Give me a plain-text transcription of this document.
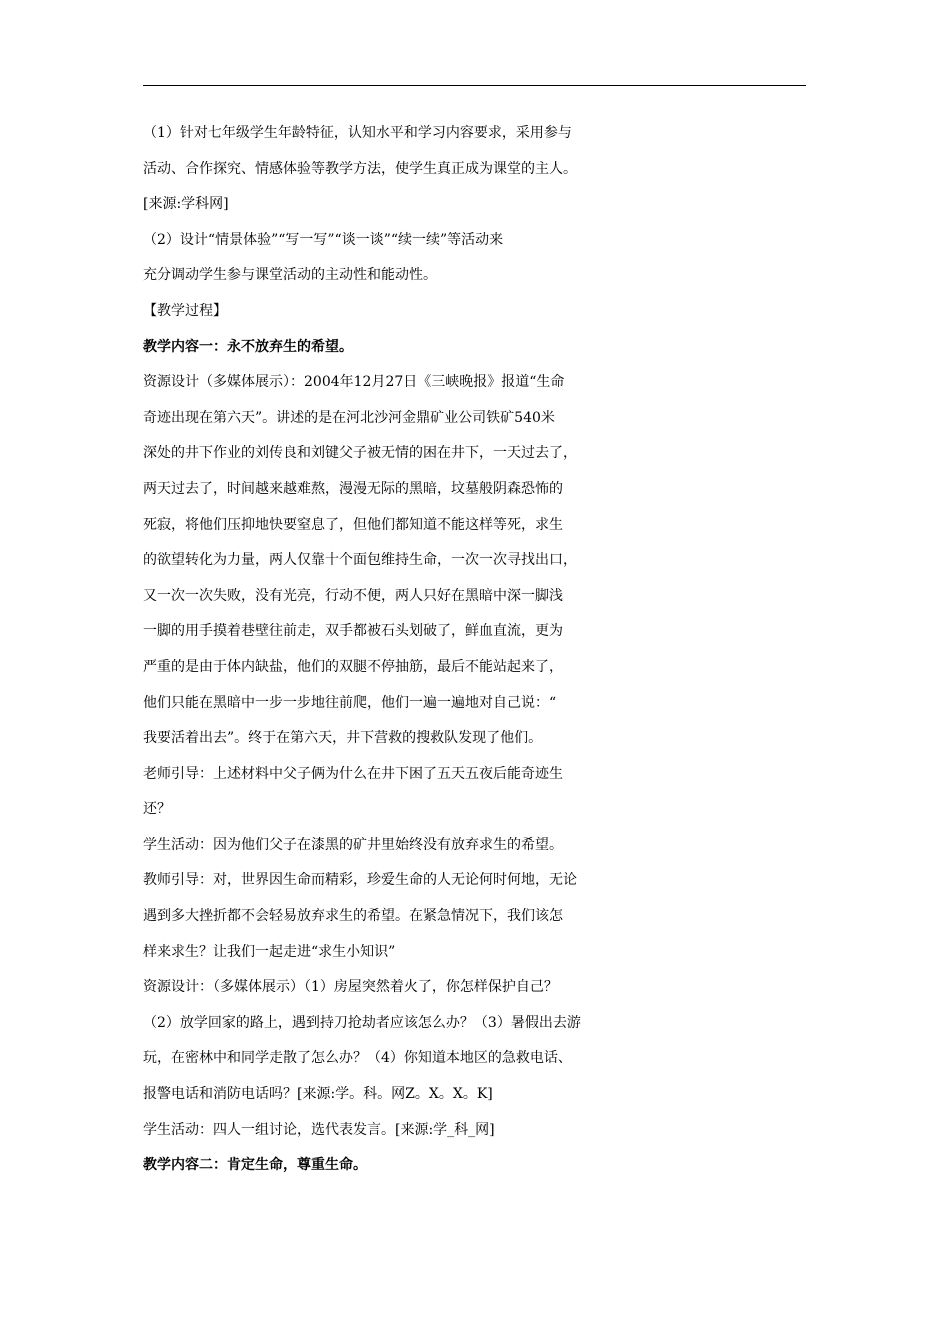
（1）针对七年级学生年龄特征，认知水平和学习内容要求，采用参与
活动、合作探究、情感体验等教学方法，使学生真正成为课堂的主人。
[来源:学科网]
（2）设计“情景体验”“写一写”“谈一谈”“续一续”等活动来
充分调动学生参与课堂活动的主动性和能动性。
【教学过程】
教学内容一：永不放弃生的希望。
资源设计（多媒体展示）：2004年12月27日《三峡晚报》报道“生命
奇迹出现在第六天”。讲述的是在河北沙河金鼎矿业公司铁矿540米
深处的井下作业的刘传良和刘键父子被无情的困在井下，一天过去了，
两天过去了，时间越来越难熬，漫漫无际的黑暗，坟墓般阴森恐怖的
死寂，将他们压抑地快要窒息了，但他们都知道不能这样等死，求生
的欲望转化为力量，两人仅靠十个面包维持生命，一次一次寻找出口，
又一次一次失败，没有光亮，行动不便，两人只好在黑暗中深一脚浅
一脚的用手摸着巷壁往前走，双手都被石头划破了，鲜血直流，更为
严重的是由于体内缺盐，他们的双腿不停抽筋，最后不能站起来了，
他们只能在黑暗中一步一步地往前爬，他们一遍一遍地对自己说：“
我要活着出去”。终于在第六天，井下营救的搜救队发现了他们。
老师引导：上述材料中父子俩为什么在井下困了五天五夜后能奇迹生
还？
学生活动：因为他们父子在漆黑的矿井里始终没有放弃求生的希望。
教师引导：对，世界因生命而精彩，珍爱生命的人无论何时何地，无论
遇到多大挫折都不会轻易放弃求生的希望。在紧急情况下，我们该怎
样来求生？让我们一起走进“求生小知识”
资源设计：（多媒体展示）（1）房屋突然着火了，你怎样保护自己？
（2）放学回家的路上，遇到持刀抢劫者应该怎么办？（3）暑假出去游
玩，在密林中和同学走散了怎么办？（4）你知道本地区的急救电话、
报警电话和消防电话吗？[来源:学。科。网Z。X。X。K]
学生活动：四人一组讨论，选代表发言。[来源:学_科_网]
教学内容二：肯定生命，尊重生命。
